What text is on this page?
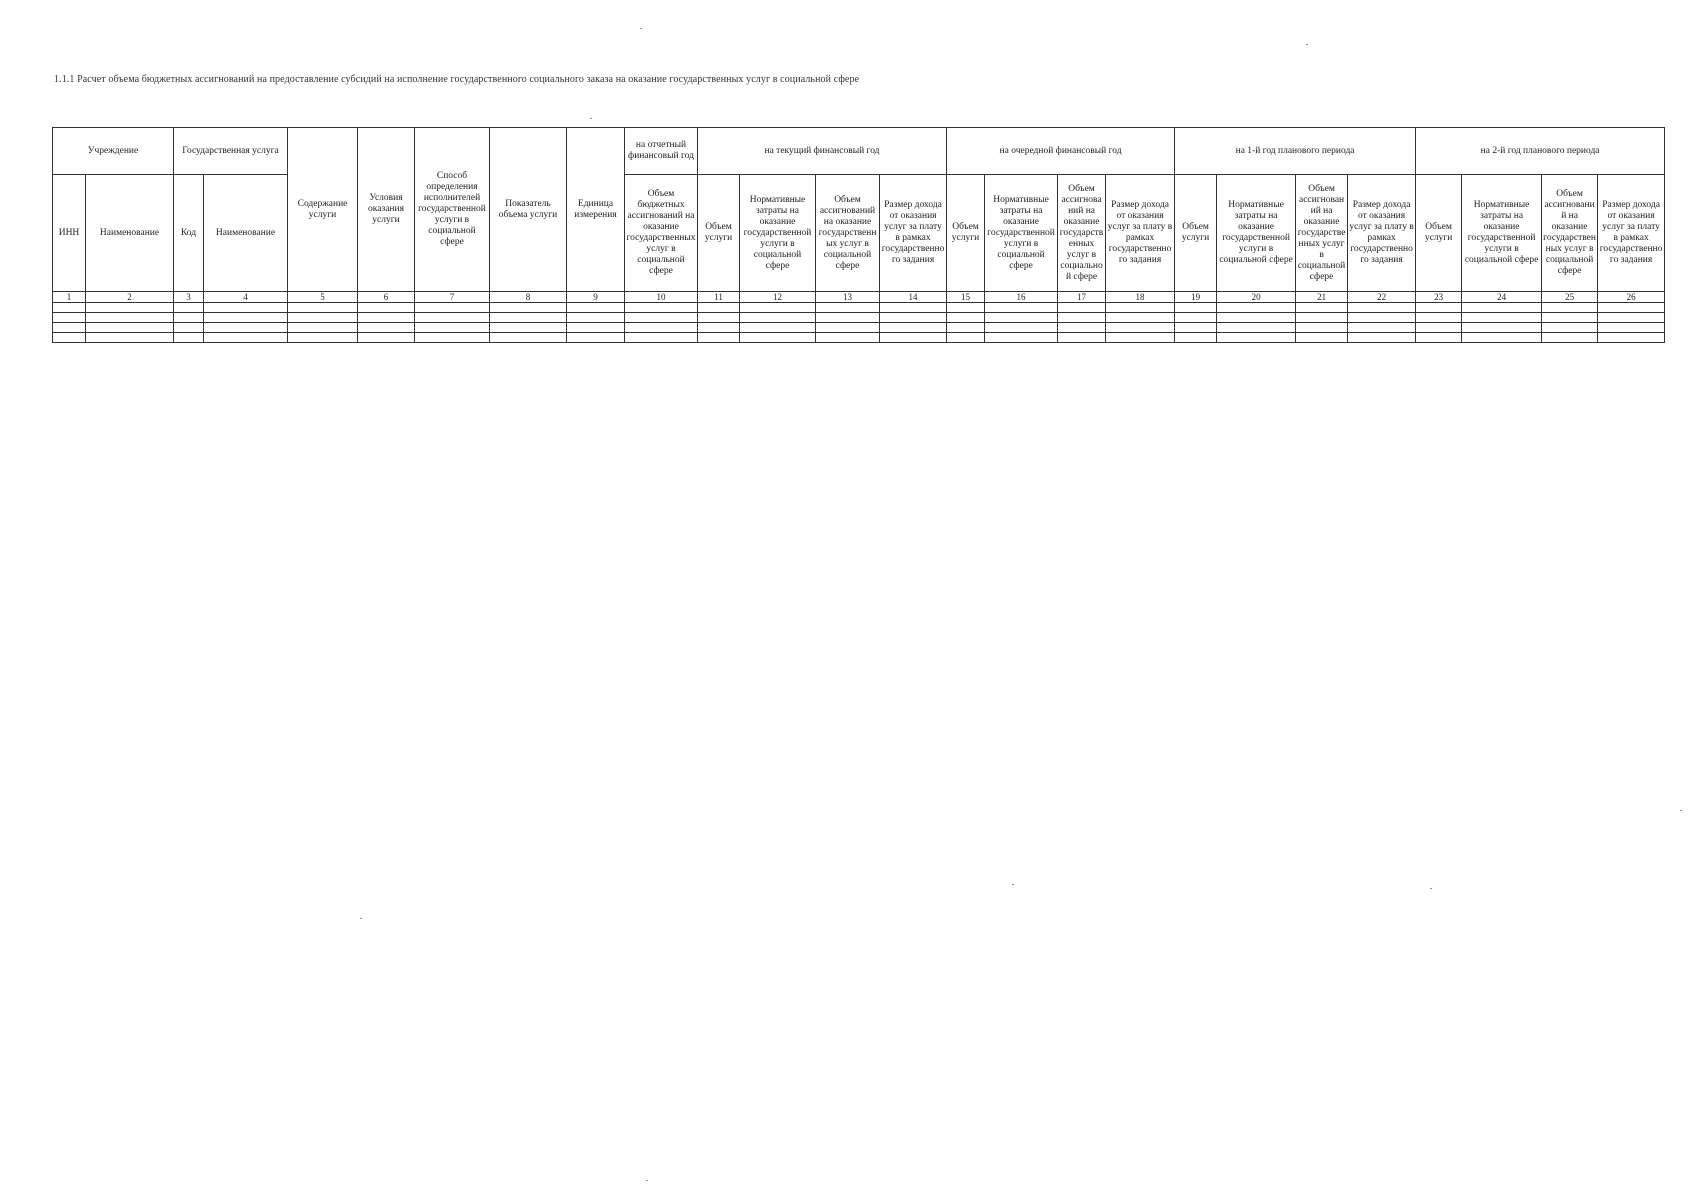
1.1.1 Расчет объема бюджетных ассигнований на предоставление субсидий на исполнение государственного социального заказа на оказание государственных услуг в социальной сфере
Учреждение		Государственная услуга		Содержание услуги	Условия оказания услуги	Способ определения исполнителей государственной услуги в социальной сфере	Показатель объема услуги	Единица измерения	на отчетный финансовый год	на текущий финансовый год				на очередной финансовый год				на 1-й год планового периода				на 2-й год планового периода			
ИНН	Наименование	Код	Наименование						Объем бюджетных ассигнований на оказание государственных услуг в социальной сфере	Объем услуги	Нормативные затраты на оказание государственной услуги в социальной сфере	Объем ассигнований на оказание государственных услуг в социальной сфере	Размер дохода от оказания услуг за плату в рамках государственного задания	Объем услуги	Нормативные затраты на оказание государственной услуги в социальной сфере	Объем ассигнований на оказание государственных услуг в социальной сфере	Размер дохода от оказания услуг за плату в рамках государственного задания	Объем услуги	Нормативные затраты на оказание государственной услуги в социальной сфере	Объем ассигнований на оказание государственных услуг в социальной сфере	Размер дохода от оказания услуг за плату в рамках государственного задания	Объем услуги	Нормативные затраты на оказание государственной услуги в социальной сфере	Объем ассигнований на оказание государственных услуг в социальной сфере	Размер дохода от оказания услуг за плату в рамках государственного задания
1	2	3	4	5	6	7	8	9	10	11	12	13	14	15	16	17	18	19	20	21	22	23	24	25	26
